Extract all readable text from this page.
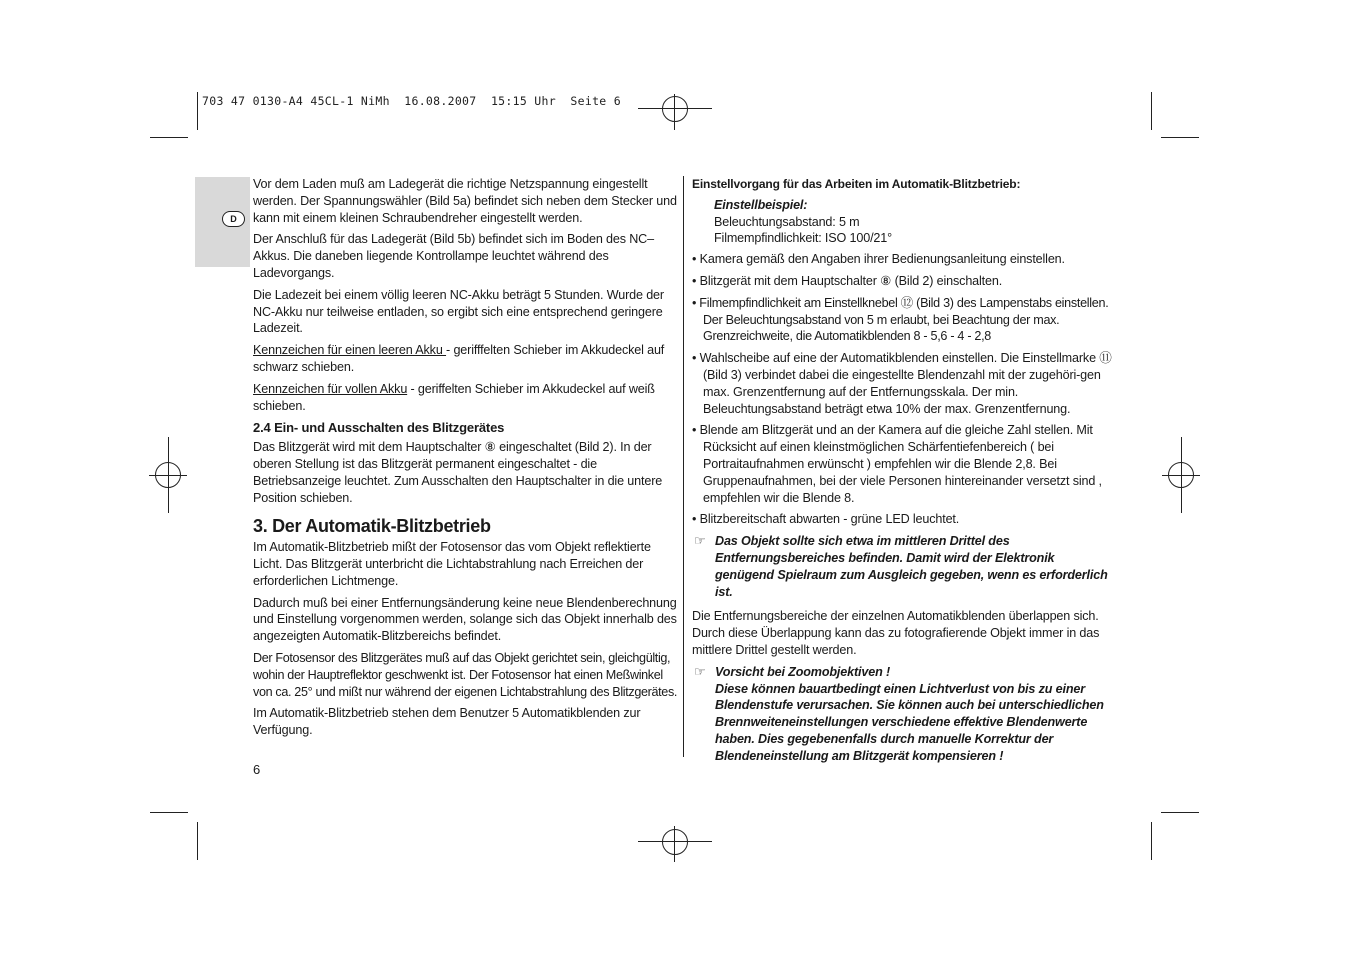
703 47 0130-A4 45CL-1 NiMh  16.08.2007  15:15 Uhr  Seite 6
D

Vor dem Laden muß am Ladegerät die richtige Netzspannung eingestellt werden. Der Spannungswähler (Bild 5a) befindet sich neben dem Stecker und kann mit einem kleinen Schraubendreher eingestellt werden.

Der Anschluß für das Ladegerät (Bild 5b) befindet sich im Boden des NC–Akkus. Die daneben liegende Kontrollampe leuchtet während des Ladevorgangs.

Die Ladezeit bei einem völlig leeren NC-Akku beträgt 5 Stunden. Wurde der NC-Akku nur teilweise entladen, so ergibt sich eine entsprechend geringere Ladezeit.

Kennzeichen für einen leeren Akku - gerifffelten Schieber im Akkudeckel auf schwarz schieben.

Kennzeichen für vollen Akku - geriffelten Schieber im Akkudeckel auf weiß schieben.

2.4 Ein- und Ausschalten des Blitzgerätes

Das Blitzgerät wird mit dem Hauptschalter ⑧ eingeschaltet (Bild 2). In der oberen Stellung ist das Blitzgerät permanent eingeschaltet - die Betriebsanzeige leuchtet. Zum Ausschalten den Hauptschalter in die untere Position schieben.

3. Der Automatik-Blitzbetrieb

Im Automatik-Blitzbetrieb mißt der Fotosensor das vom Objekt reflektierte Licht. Das Blitzgerät unterbricht die Lichtabstrahlung nach Erreichen der erforderlichen Lichtmenge.

Dadurch muß bei einer Entfernungsänderung keine neue Blendenberechnung und Einstellung vorgenommen werden, solange sich das Objekt innerhalb des angezeigten Automatik-Blitzbereichs befindet.

Der Fotosensor des Blitzgerätes muß auf das Objekt gerichtet sein, gleichgültig, wohin der Hauptreflektor geschwenkt ist. Der Fotosensor hat einen Meßwinkel von ca. 25° und mißt nur während der eigenen Lichtabstrahlung des Blitzgerätes.

Im Automatik-Blitzbetrieb stehen dem Benutzer 5 Automatikblenden zur Verfügung.

6

Einstellvorgang für das Arbeiten im Automatik-Blitzbetrieb:

Einstellbeispiel:
Beleuchtungsabstand: 5 m
Filmempfindlichkeit: ISO 100/21°

• Kamera gemäß den Angaben ihrer Bedienungsanleitung einstellen.

• Blitzgerät mit dem Hauptschalter ⑧ (Bild 2) einschalten.

• Filmempfindlichkeit am Einstellknebel ⑫ (Bild 3) des Lampenstabs einstellen. Der Beleuchtungsabstand von 5 m erlaubt, bei Beachtung der max. Grenzreichweite, die Automatikblenden 8 - 5,6 - 4 - 2,8

• Wahlscheibe auf eine der Automatikblenden einstellen. Die Einstellmarke ⑪ (Bild 3) verbindet dabei die eingestellte Blendenzahl mit der zugehöri-gen max. Grenzentfernung auf der Entfernungsskala. Der min. Beleuchtungsabstand beträgt etwa 10% der max. Grenzentfernung.

• Blende am Blitzgerät und an der Kamera auf die gleiche Zahl stellen. Mit Rücksicht auf einen kleinstmöglichen Schärfentiefenbereich ( bei Portraitaufnahmen erwünscht ) empfehlen wir die Blende 2,8. Bei Gruppenaufnahmen, bei der viele Personen hintereinander versetzt sind , empfehlen wir die Blende 8.

• Blitzbereitschaft abwarten - grüne LED leuchtet.

☞ Das Objekt sollte sich etwa im mittleren Drittel des Entfernungsbereiches befinden. Damit wird der Elektronik genügend Spielraum zum Ausgleich gegeben, wenn es erforderlich ist.

Die Entfernungsbereiche der einzelnen Automatikblenden überlappen sich. Durch diese Überlappung kann das zu fotografierende Objekt immer in das mittlere Drittel gestellt werden.

☞ Vorsicht bei Zoomobjektiven !
Diese können bauartbedingt einen Lichtverlust von bis zu einer Blendenstufe verursachen. Sie können auch bei unterschiedlichen Brennweiteneinstellungen verschiedene effektive Blendenwerte haben. Dies gegebenenfalls durch manuelle Korrektur der Blendeneinstellung am Blitzgerät kompensieren !
